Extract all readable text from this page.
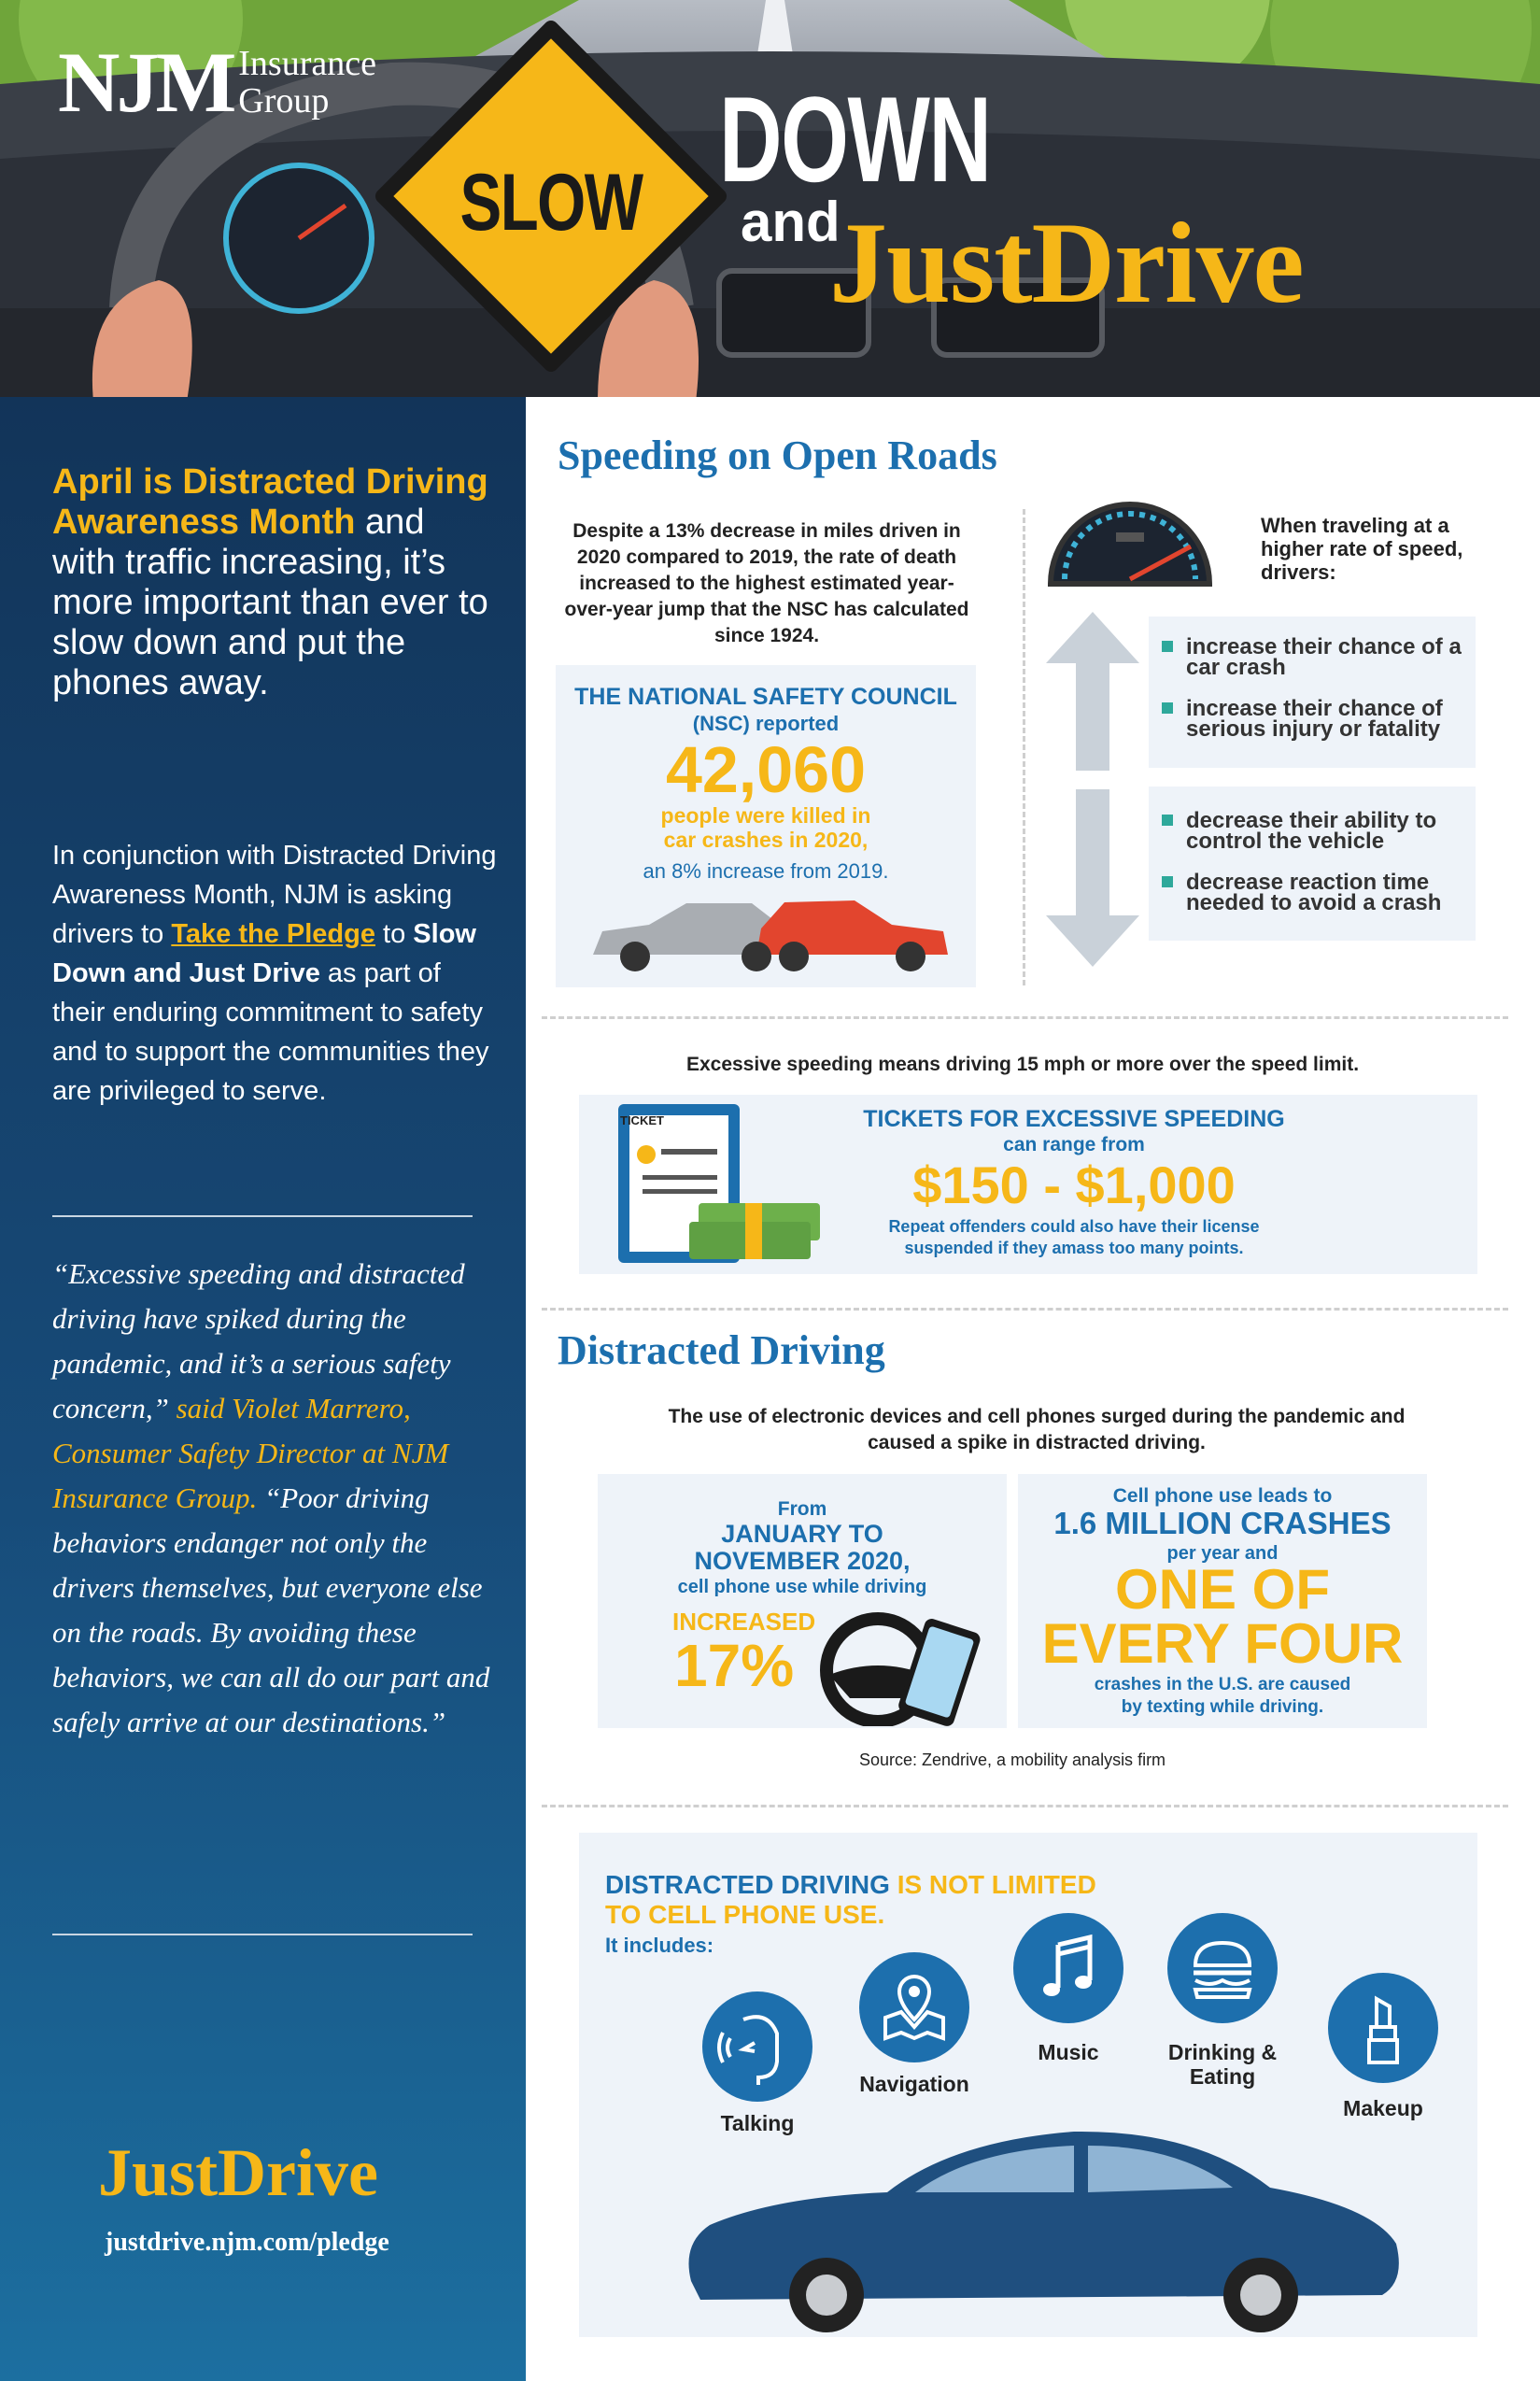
NJM Insurance
Group
SLOW DOWN
and
JustDrive
April is Distracted Driving Awareness Month and with traffic increasing, it’s more important than ever to slow down and put the phones away.
In conjunction with Distracted Driving Awareness Month, NJM is asking drivers to Take the Pledge to Slow Down and Just Drive as part of their enduring commitment to safety and to support the communities they are privileged to serve.
“Excessive speeding and distracted driving have spiked during the pandemic, and it’s a serious safety concern,” said Violet Marrero, Consumer Safety Director at NJM Insurance Group. “Poor driving behaviors endanger not only the drivers themselves, but everyone else on the roads. By avoiding these behaviors, we can all do our part and safely arrive at our destinations.”
JustDrive
justdrive.njm.com/pledge
Speeding on Open Roads
Despite a 13% decrease in miles driven in 2020 compared to 2019, the rate of death increased to the highest estimated year-over-year jump that the NSC has calculated since 1924.
THE NATIONAL SAFETY COUNCIL
(NSC) reported
42,060
people were killed in
car crashes in 2020,
an 8% increase from 2019.
When traveling at a higher rate of speed, drivers:
increase their chance of a car crash
increase their chance of serious injury or fatality
decrease their ability to control the vehicle
decrease reaction time needed to avoid a crash
Excessive speeding means driving 15 mph or more over the speed limit.
TICKET	TICKETS FOR EXCESSIVE SPEEDING
can range from
$150 - $1,000
Repeat offenders could also have their license suspended if they amass too many points.
Distracted Driving
The use of electronic devices and cell phones surged during the pandemic and caused a spike in distracted driving.
From
JANUARY TO NOVEMBER 2020,
cell phone use while driving
INCREASED
17%
Cell phone use leads to
1.6 MILLION CRASHES
per year and
ONE OF
EVERY FOUR
crashes in the U.S. are caused by texting while driving.
Source: Zendrive, a mobility analysis firm
DISTRACTED DRIVING IS NOT LIMITED
TO CELL PHONE USE.
It includes:
Talking
Navigation
Music	Drinking & Eating
Makeup
